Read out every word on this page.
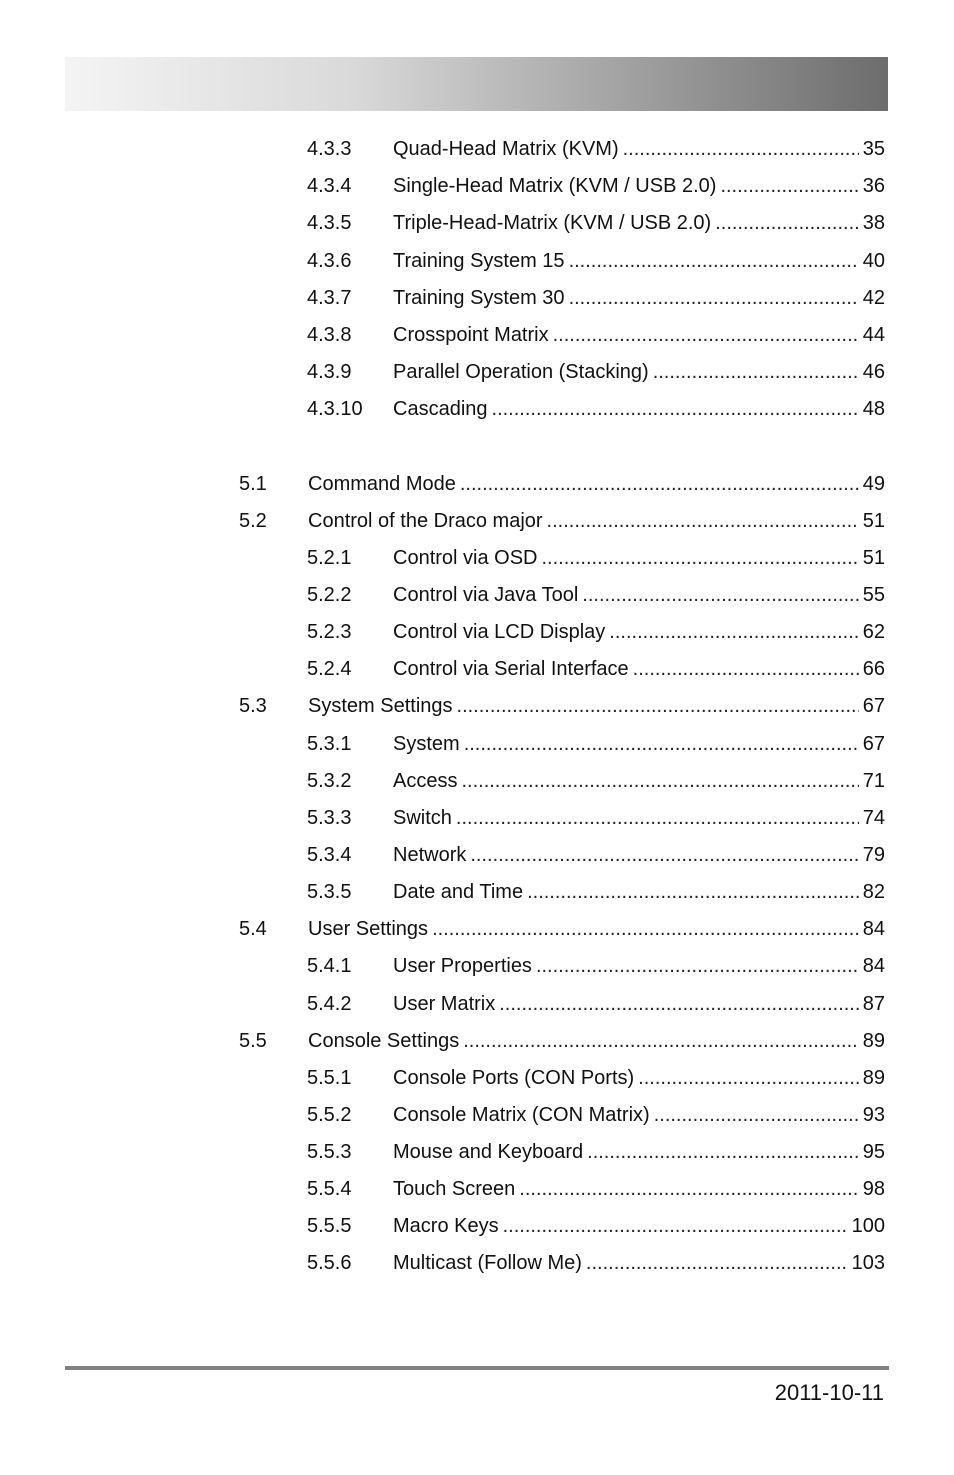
4.3.3	Quad-Head Matrix (KVM) .....	35
4.3.4	Single-Head Matrix (KVM / USB 2.0) .....	36
4.3.5	Triple-Head-Matrix (KVM / USB 2.0) .....	38
4.3.6	Training System 15 .....	40
4.3.7	Training System 30 .....	42
4.3.8	Crosspoint Matrix .....	44
4.3.9	Parallel Operation (Stacking) .....	46
4.3.10	Cascading .....	48
5.1	Command Mode .....	49
5.2	Control of the Draco major .....	51
5.2.1	Control via OSD .....	51
5.2.2	Control via Java Tool .....	55
5.2.3	Control via LCD Display .....	62
5.2.4	Control via Serial Interface .....	66
5.3	System Settings .....	67
5.3.1	System .....	67
5.3.2	Access .....	71
5.3.3	Switch .....	74
5.3.4	Network .....	79
5.3.5	Date and Time .....	82
5.4	User Settings .....	84
5.4.1	User Properties .....	84
5.4.2	User Matrix .....	87
5.5	Console Settings .....	89
5.5.1	Console Ports (CON Ports) .....	89
5.5.2	Console Matrix (CON Matrix) .....	93
5.5.3	Mouse and Keyboard .....	95
5.5.4	Touch Screen .....	98
5.5.5	Macro Keys .....	100
5.5.6	Multicast (Follow Me) .....	103
2011-10-11
